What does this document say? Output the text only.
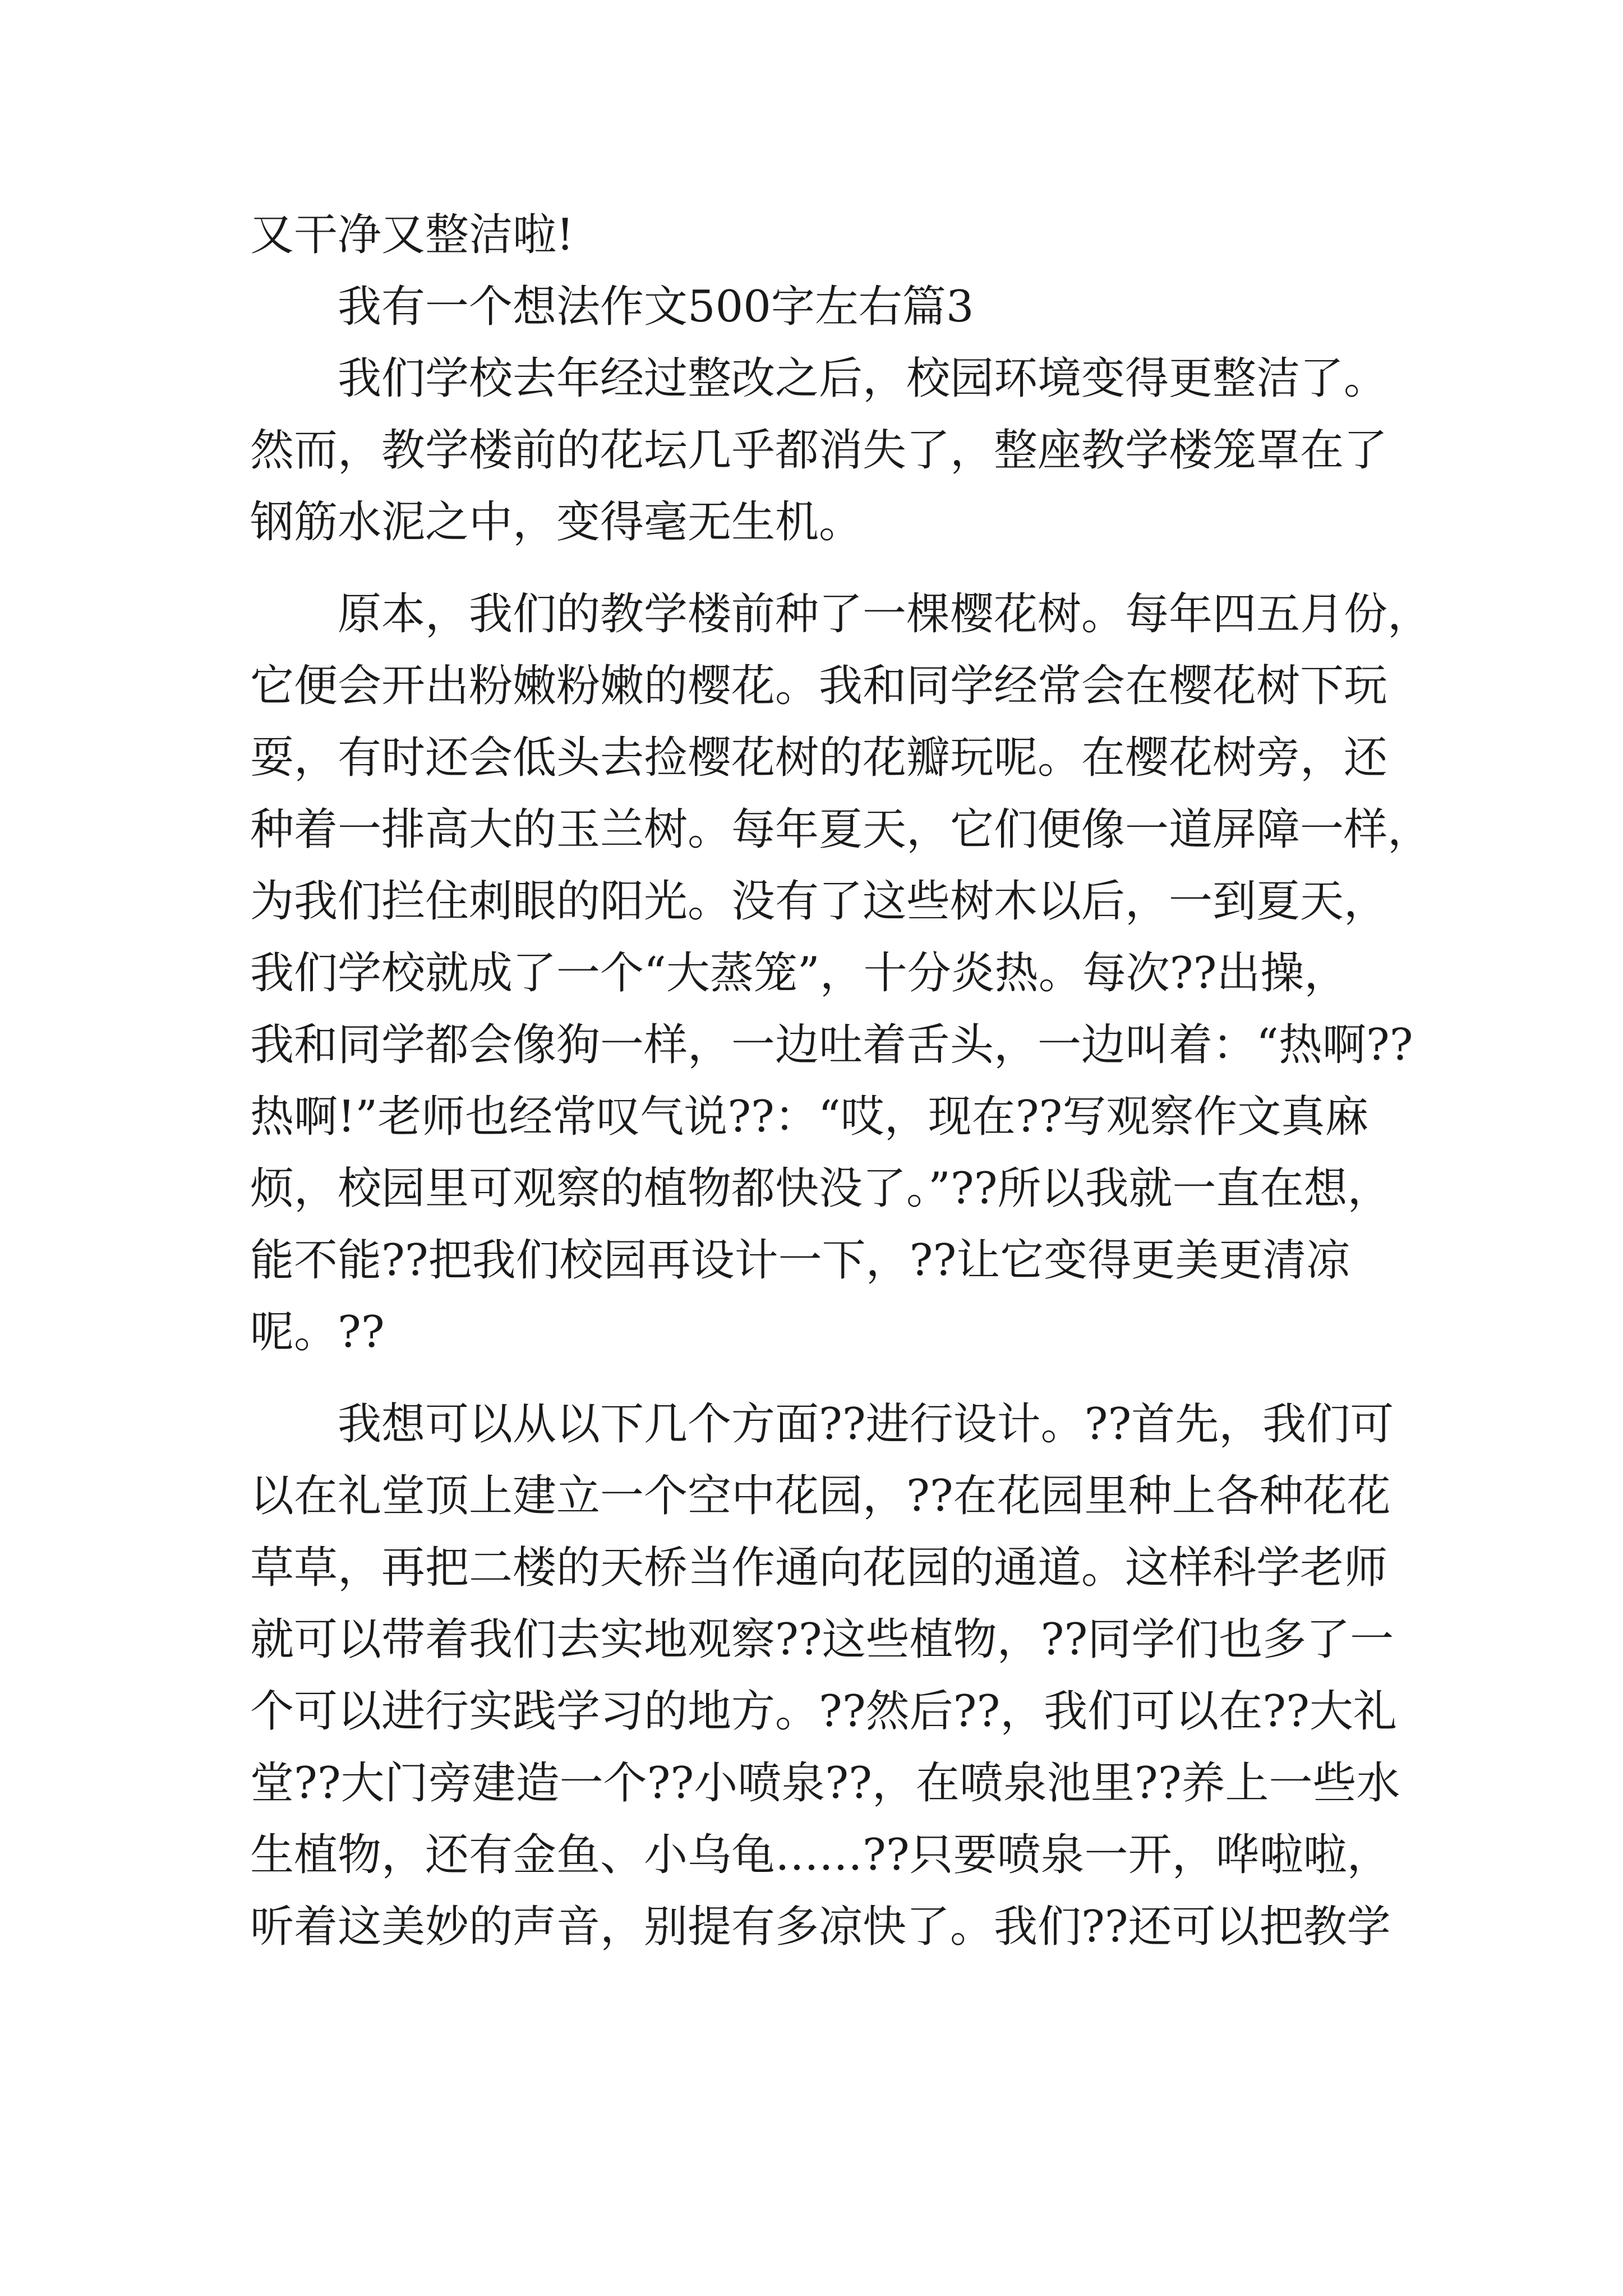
又干净又整洁啦!
我有一个想法作文500字左右篇3
我们学校去年经过整改之后，校园环境变得更整洁了。
然而，教学楼前的花坛几乎都消失了，整座教学楼笼罩在了
钢筋水泥之中，变得毫无生机。
原本，我们的教学楼前种了一棵樱花树。每年四五月份，
它便会开出粉嫩粉嫩的樱花。我和同学经常会在樱花树下玩
耍，有时还会低头去捡樱花树的花瓣玩呢。在樱花树旁，还
种着一排高大的玉兰树。每年夏天，它们便像一道屏障一样，
为我们拦住刺眼的阳光。没有了这些树木以后，一到夏天，
我们学校就成了一个“大蒸笼”，十分炎热。每次??出操，
我和同学都会像狗一样，一边吐着舌头，一边叫着：“热啊??
热啊!”老师也经常叹气说??：“哎，现在??写观察作文真麻
烦，校园里可观察的植物都快没了。”??所以我就一直在想，
能不能??把我们校园再设计一下，??让它变得更美更清凉
呢。??
我想可以从以下几个方面??进行设计。??首先，我们可
以在礼堂顶上建立一个空中花园，??在花园里种上各种花花
草草，再把二楼的天桥当作通向花园的通道。这样科学老师
就可以带着我们去实地观察??这些植物，??同学们也多了一
个可以进行实践学习的地方。??然后??，我们可以在??大礼
堂??大门旁建造一个??小喷泉??，在喷泉池里??养上一些水
生植物，还有金鱼、小乌龟……??只要喷泉一开，哗啦啦，
听着这美妙的声音，别提有多凉快了。我们??还可以把教学
